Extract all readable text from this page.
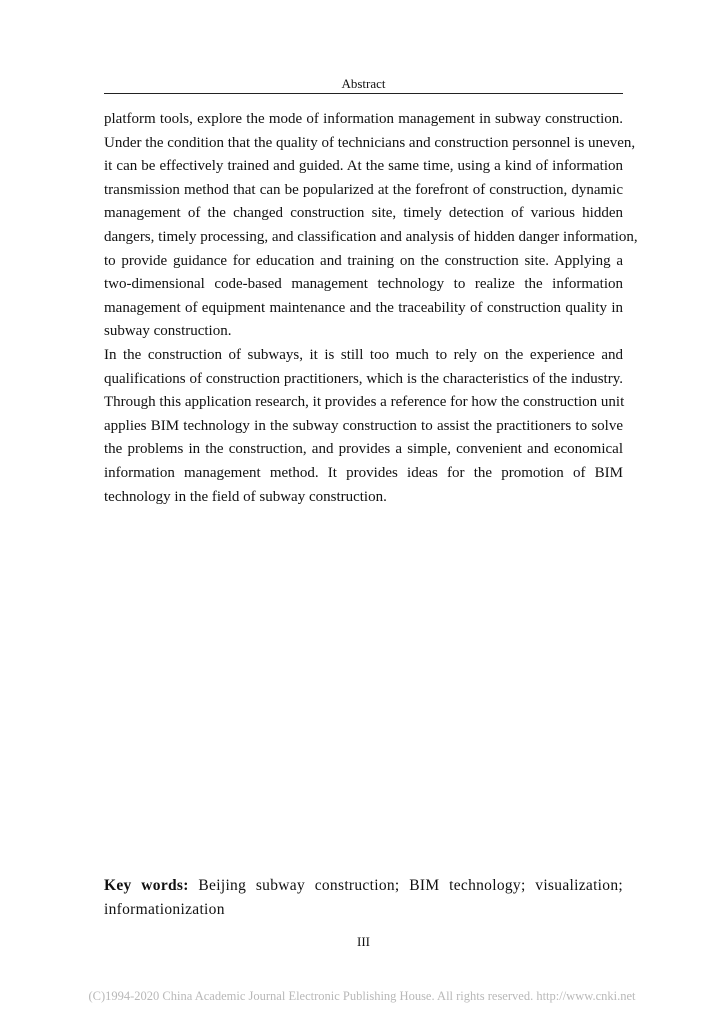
Abstract
platform tools, explore the mode of information management in subway construction.
Under the condition that the quality of technicians and construction personnel is uneven,
it can be effectively trained and guided. At the same time, using a kind of information
transmission method that can be popularized at the forefront of construction, dynamic
management of the changed construction site, timely detection of various hidden
dangers, timely processing, and classification and analysis of hidden danger information,
to provide guidance for education and training on the construction site. Applying a
two-dimensional code-based management technology to realize the information
management of equipment maintenance and the traceability of construction quality in
subway construction.
In the construction of subways, it is still too much to rely on the experience and
qualifications of construction practitioners, which is the characteristics of the industry.
Through this application research, it provides a reference for how the construction unit
applies BIM technology in the subway construction to assist the practitioners to solve
the problems in the construction, and provides a simple, convenient and economical
information management method. It provides ideas for the promotion of BIM
technology in the field of subway construction.
Key words: Beijing subway construction; BIM technology; visualization;
informationization
III
(C)1994-2020 China Academic Journal Electronic Publishing House. All rights reserved. http://www.cnki.net
